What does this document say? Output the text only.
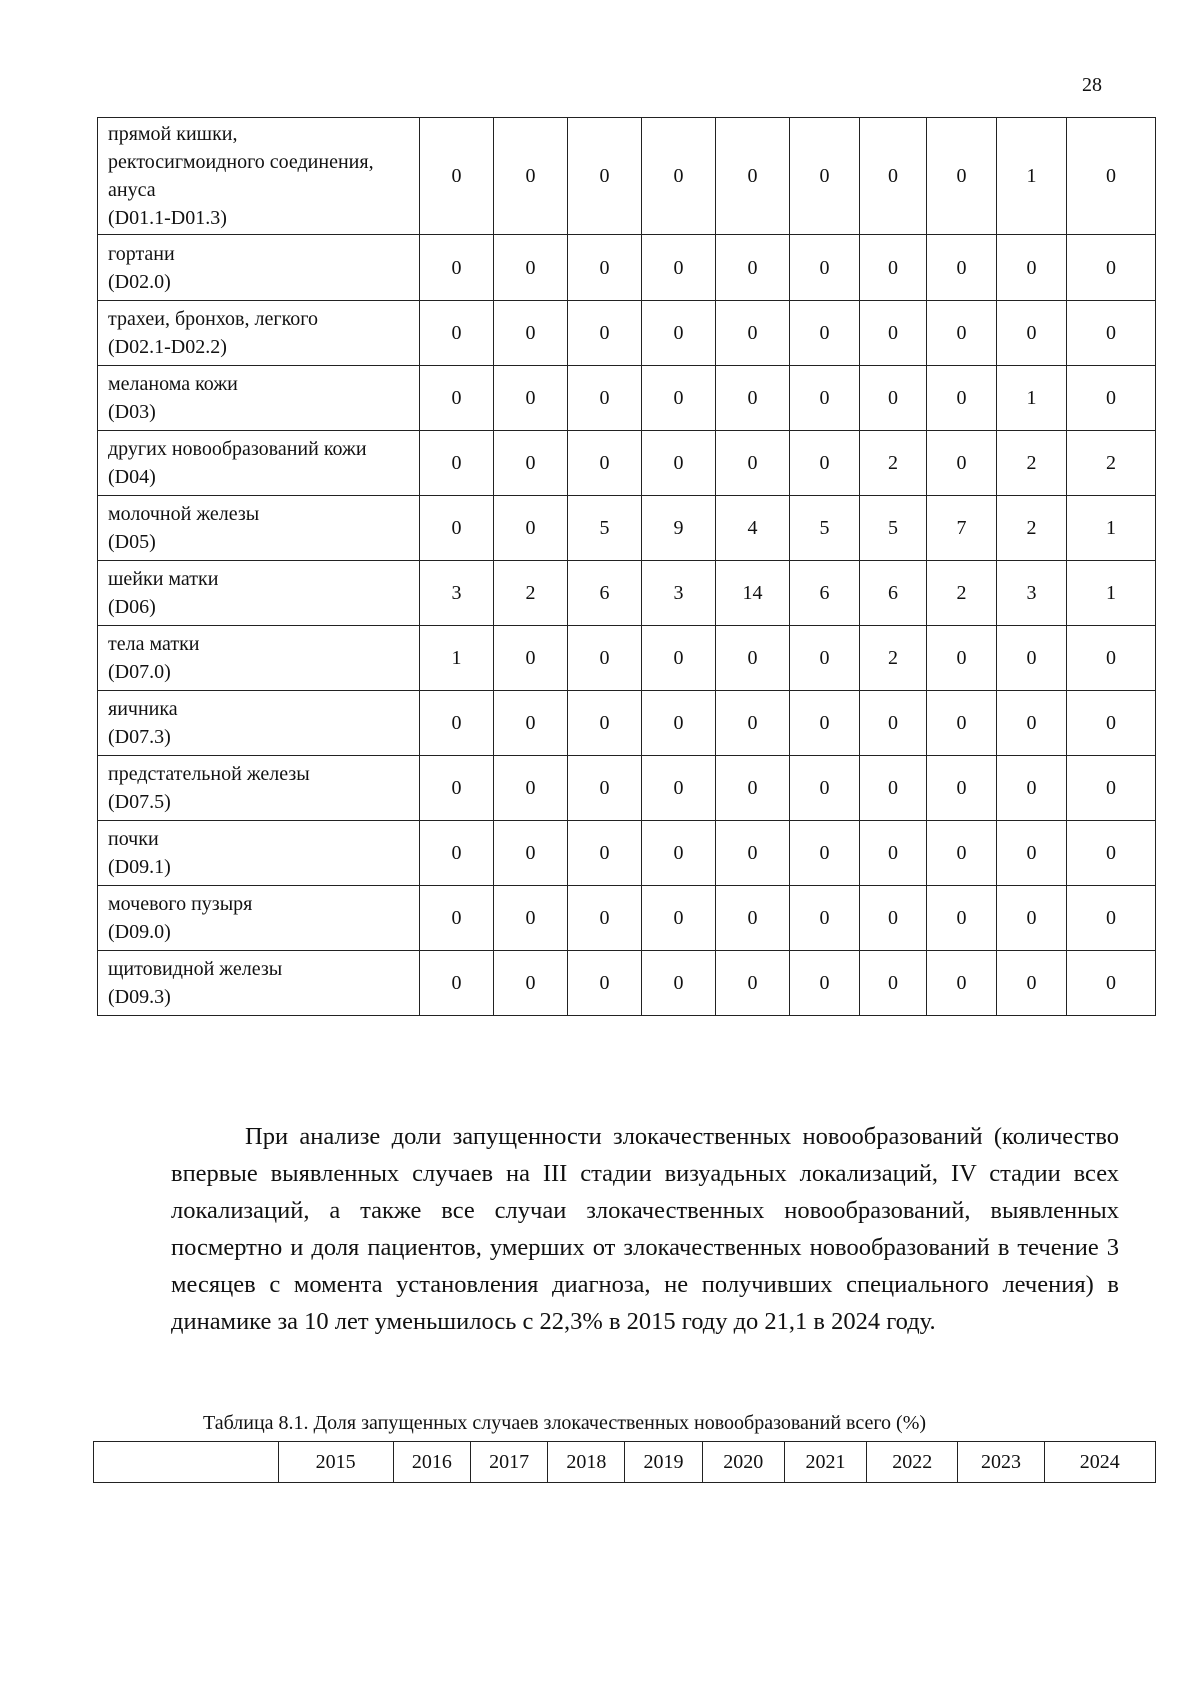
28
прямой кишки,
ректосигмоидного соединения,
ануса
(D01.1-D01.3)	0	0	0	0	0	0	0	0	1	0

гортани
(D02.0)	0	0	0	0	0	0	0	0	0	0

трахеи, бронхов, легкого
(D02.1-D02.2)	0	0	0	0	0	0	0	0	0	0

меланома кожи
(D03)	0	0	0	0	0	0	0	0	1	0

других новообразований кожи
(D04)	0	0	0	0	0	0	2	0	2	2

молочной железы
(D05)	0	0	5	9	4	5	5	7	2	1

шейки матки
(D06)	3	2	6	3	14	6	6	2	3	1

тела матки
(D07.0)	1	0	0	0	0	0	2	0	0	0

яичника
(D07.3)	0	0	0	0	0	0	0	0	0	0

предстательной железы
(D07.5)	0	0	0	0	0	0	0	0	0	0

почки
(D09.1)	0	0	0	0	0	0	0	0	0	0

мочевого пузыря
(D09.0)	0	0	0	0	0	0	0	0	0	0

щитовидной железы
(D09.3)	0	0	0	0	0	0	0	0	0	0

При анализе доли запущенности злокачественных новообразований (количество впервые выявленных случаев на III стадии визуадьных локализаций, IV стадии всех локализаций, а также все случаи злокачественных новообразований, выявленных посмертно и доля пациентов, умерших от злокачественных новообразований в течение 3 месяцев с момента установления диагноза, не получивших специального лечения) в динамике за 10 лет уменьшилось с 22,3% в 2015 году до 21,1 в 2024 году.

Таблица 8.1. Доля запущенных случаев злокачественных новообразований всего (%)

	2015	2016	2017	2018	2019	2020	2021	2022	2023	2024
